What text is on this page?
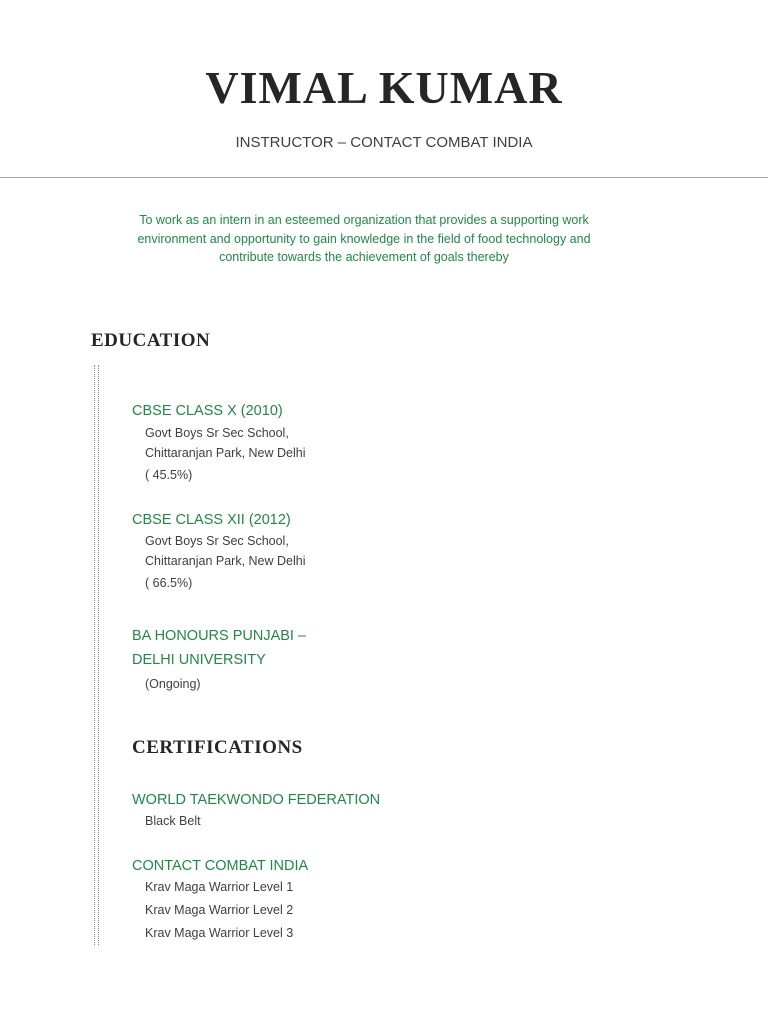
VIMAL KUMAR

INSTRUCTOR – CONTACT COMBAT INDIA

To work as an intern in an esteemed organization that provides a supporting work environment and opportunity to gain knowledge in the field of food technology and contribute towards the achievement of goals thereby

EDUCATION

CBSE CLASS X (2010)

Govt Boys Sr Sec School,

Chittaranjan Park, New Delhi

( 45.5%)

CBSE CLASS XII (2012)

Govt Boys Sr Sec School,

Chittaranjan Park, New Delhi

( 66.5%)

BA HONOURS PUNJABI –

DELHI UNIVERSITY

(Ongoing)

CERTIFICATIONS

WORLD TAEKWONDO FEDERATION

Black Belt

CONTACT COMBAT INDIA

Krav Maga Warrior Level 1

Krav Maga Warrior Level 2

Krav Maga Warrior Level 3
